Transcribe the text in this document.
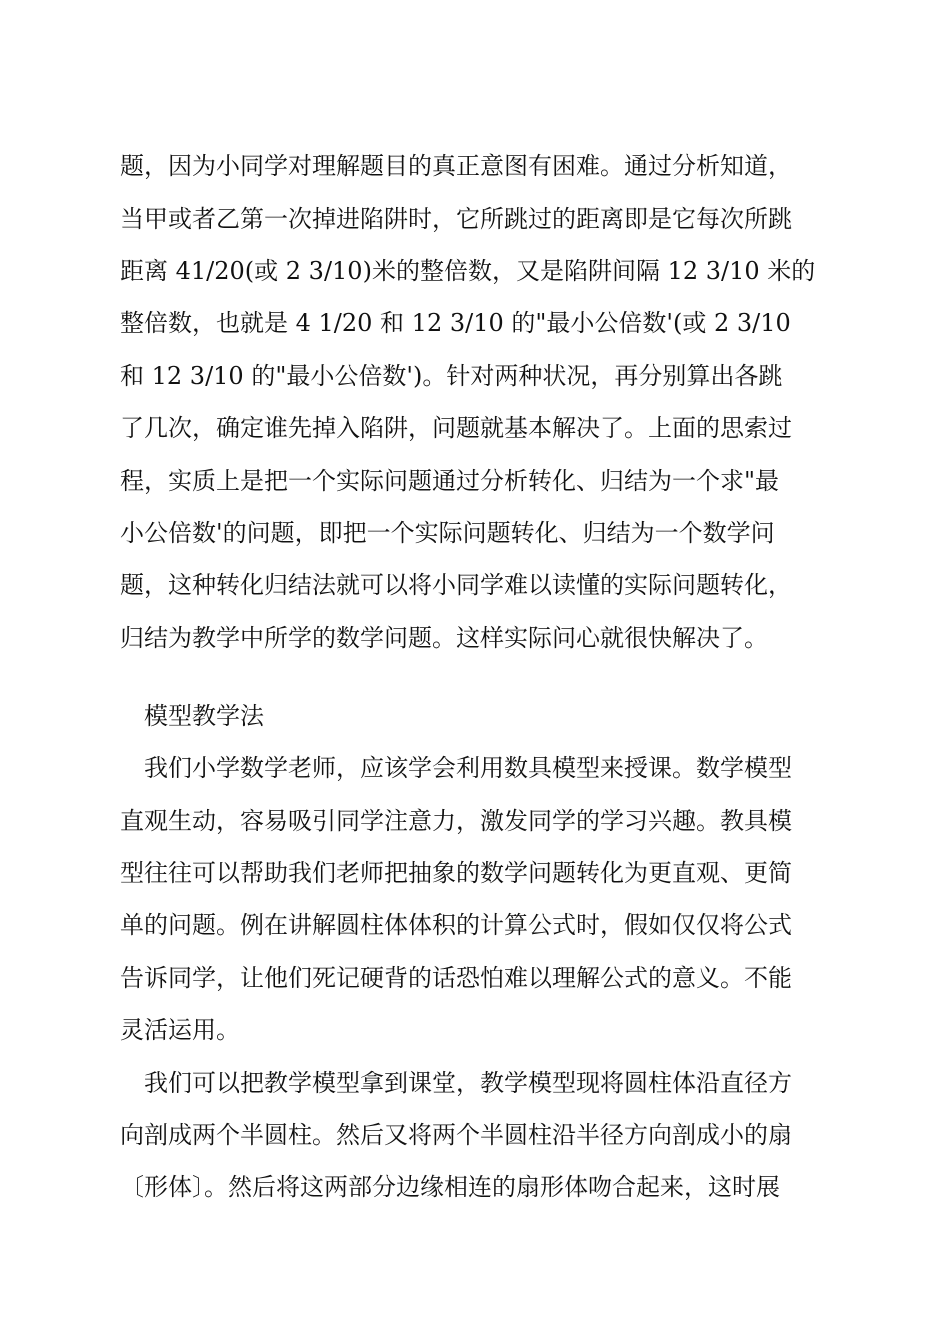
题，因为小同学对理解题目的真正意图有困难。通过分析知道，
当甲或者乙第一次掉进陷阱时，它所跳过的距离即是它每次所跳
距离 41/20(或 2 3/10)米的整倍数，又是陷阱间隔 12 3/10 米的
整倍数，也就是 4 1/20 和 12 3/10 的"最小公倍数'(或 2 3/10
和 12 3/10 的"最小公倍数')。针对两种状况，再分别算出各跳
了几次，确定谁先掉入陷阱，问题就基本解决了。上面的思索过
程，实质上是把一个实际问题通过分析转化、归结为一个求"最
小公倍数'的问题，即把一个实际问题转化、归结为一个数学问
题，这种转化归结法就可以将小同学难以读懂的实际问题转化，
归结为教学中所学的数学问题。这样实际问心就很快解决了。
模型教学法
我们小学数学老师，应该学会利用数具模型来授课。数学模型
直观生动，容易吸引同学注意力，激发同学的学习兴趣。教具模
型往往可以帮助我们老师把抽象的数学问题转化为更直观、更简
单的问题。例在讲解圆柱体体积的计算公式时，假如仅仅将公式
告诉同学，让他们死记硬背的话恐怕难以理解公式的意义。不能
灵活运用。
我们可以把教学模型拿到课堂，教学模型现将圆柱体沿直径方
向剖成两个半圆柱。然后又将两个半圆柱沿半径方向剖成小的扇
〔形体〕。然后将这两部分边缘相连的扇形体吻合起来，这时展
